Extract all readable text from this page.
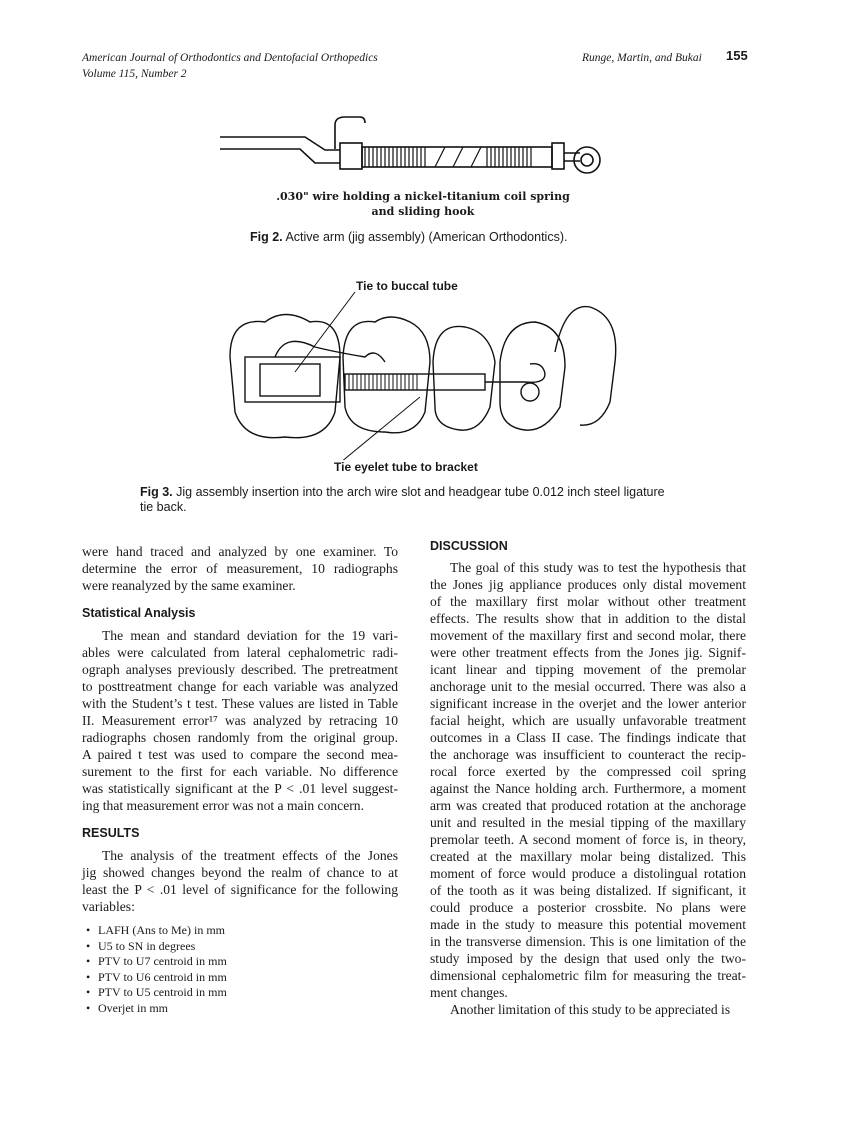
American Journal of Orthodontics and Dentofacial Orthopedics
Volume 115, Number 2
Runge, Martin, and Bukai 155
.030" wire holding a nickel-titanium coil spring
and sliding hook
Fig 2. Active arm (jig assembly) (American Orthodontics).
Tie to buccal tube
Tie eyelet tube to bracket
Fig 3. Jig assembly insertion into the arch wire slot and headgear tube 0.012 inch steel ligature
tie back.
were hand traced and analyzed by one examiner. To
determine the error of measurement, 10 radiographs
were reanalyzed by the same examiner.
Statistical Analysis
The mean and standard deviation for the 19 vari-
ables were calculated from lateral cephalometric radi-
ograph analyses previously described. The pretreatment
to posttreatment change for each variable was analyzed
with the Student’s t test. These values are listed in Table
II. Measurement error¹⁷ was analyzed by retracing 10
radiographs chosen randomly from the original group.
A paired t test was used to compare the second mea-
surement to the first for each variable. No difference
was statistically significant at the P < .01 level suggest-
ing that measurement error was not a main concern.
RESULTS
The analysis of the treatment effects of the Jones
jig showed changes beyond the realm of chance to at
least the P < .01 level of significance for the following
variables:
• LAFH (Ans to Me) in mm
• U5 to SN in degrees
• PTV to U7 centroid in mm
• PTV to U6 centroid in mm
• PTV to U5 centroid in mm
• Overjet in mm
DISCUSSION
The goal of this study was to test the hypothesis that
the Jones jig appliance produces only distal movement
of the maxillary first molar without other treatment
effects. The results show that in addition to the distal
movement of the maxillary first and second molar, there
were other treatment effects from the Jones jig. Signif-
icant linear and tipping movement of the premolar
anchorage unit to the mesial occurred. There was also a
significant increase in the overjet and the lower anterior
facial height, which are usually unfavorable treatment
outcomes in a Class II case. The findings indicate that
the anchorage was insufficient to counteract the recip-
rocal force exerted by the compressed coil spring
against the Nance holding arch. Furthermore, a moment
arm was created that produced rotation at the anchorage
unit and resulted in the mesial tipping of the maxillary
premolar teeth. A second moment of force is, in theory,
created at the maxillary molar being distalized. This
moment of force would produce a distolingual rotation
of the tooth as it was being distalized. If significant, it
could produce a posterior crossbite. No plans were
made in the study to measure this potential movement
in the transverse dimension. This is one limitation of the
study imposed by the design that used only the two-
dimensional cephalometric film for measuring the treat-
ment changes.
Another limitation of this study to be appreciated is
